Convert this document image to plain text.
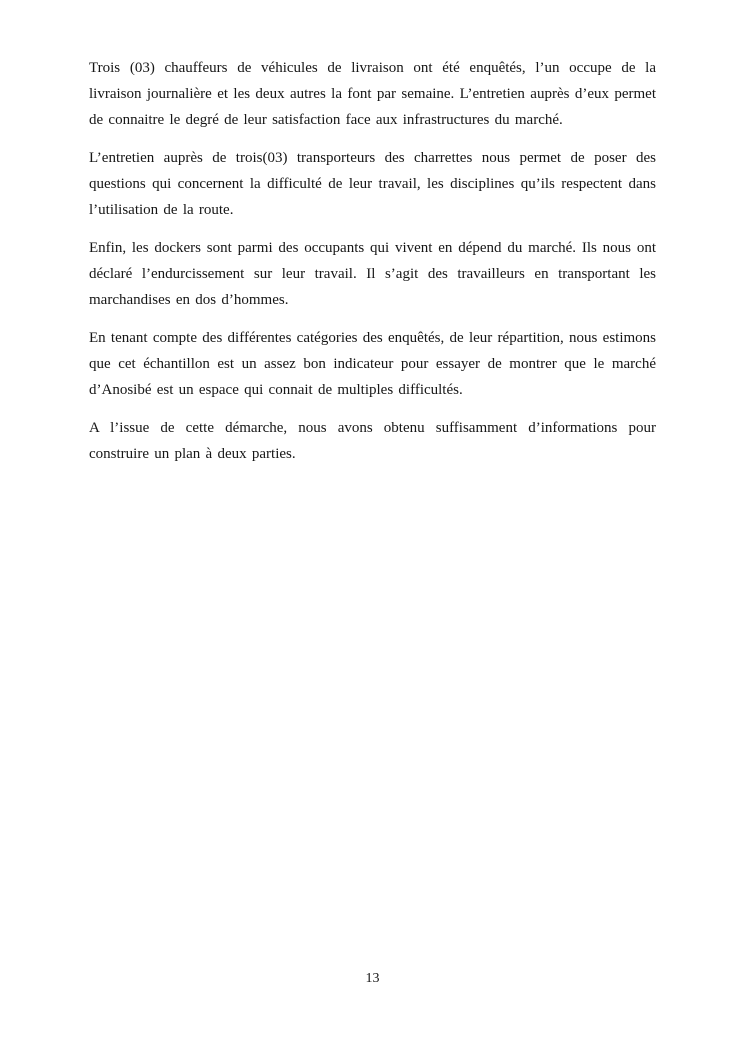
Trois (03) chauffeurs de véhicules de livraison ont été enquêtés, l’un occupe de la livraison journalière et les deux autres la font par semaine. L’entretien auprès d’eux permet de connaitre le degré de leur satisfaction face aux infrastructures du marché.

L’entretien auprès de trois(03) transporteurs des charrettes nous permet de poser des questions qui concernent la difficulté de leur travail, les disciplines qu’ils respectent dans l’utilisation de la route.

Enfin, les dockers sont parmi des occupants qui vivent en dépend du marché. Ils nous ont déclaré l’endurcissement sur leur travail. Il s’agit des travailleurs en transportant les marchandises en dos d’hommes.

En tenant compte des différentes catégories des enquêtés, de leur répartition, nous estimons que cet échantillon est un assez bon indicateur pour essayer de montrer que le marché d’Anosibé est un espace qui connait de multiples difficultés.

A l’issue de cette démarche, nous avons obtenu suffisamment d’informations pour construire un plan à deux parties.

13
